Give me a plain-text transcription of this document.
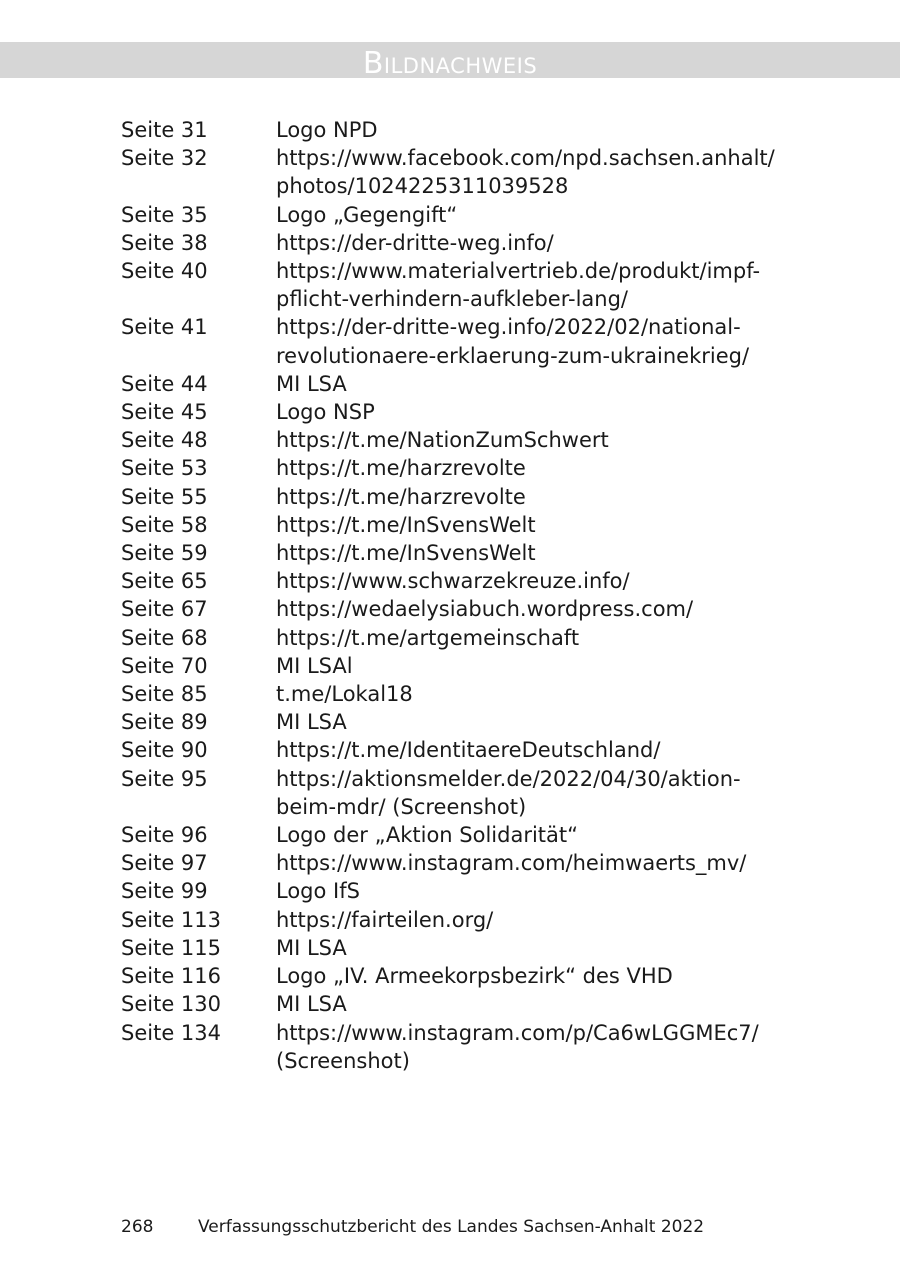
Bildnachweis
Seite 31	Logo NPD
Seite 32	https://www.facebook.com/npd.sachsen.anhalt/
photos/1024225311039528
Seite 35	Logo „Gegengift“
Seite 38	https://der-dritte-weg.info/
Seite 40	https://www.materialvertrieb.de/produkt/impf-
pflicht-verhindern-aufkleber-lang/
Seite 41	https://der-dritte-weg.info/2022/02/national-
revolutionaere-erklaerung-zum-ukrainekrieg/
Seite 44	MI LSA
Seite 45	Logo NSP
Seite 48	https://t.me/NationZumSchwert
Seite 53	https://t.me/harzrevolte
Seite 55	https://t.me/harzrevolte
Seite 58	https://t.me/InSvensWelt
Seite 59	https://t.me/InSvensWelt
Seite 65	https://www.schwarzekreuze.info/
Seite 67	https://wedaelysiabuch.wordpress.com/
Seite 68	https://t.me/artgemeinschaft
Seite 70	MI LSAl
Seite 85	t.me/Lokal18
Seite 89	MI LSA
Seite 90	https://t.me/IdentitaereDeutschland/
Seite 95	https://aktionsmelder.de/2022/04/30/aktion-
beim-mdr/ (Screenshot)
Seite 96	Logo der „Aktion Solidarität“
Seite 97	https://www.instagram.com/heimwaerts_mv/
Seite 99	Logo IfS
Seite 113	https://fairteilen.org/
Seite 115	MI LSA
Seite 116	Logo „IV. Armeekorpsbezirk“ des VHD
Seite 130	MI LSA
Seite 134	https://www.instagram.com/p/Ca6wLGGMEc7/
(Screenshot)
268	Verfassungsschutzbericht des Landes Sachsen-Anhalt 2022
